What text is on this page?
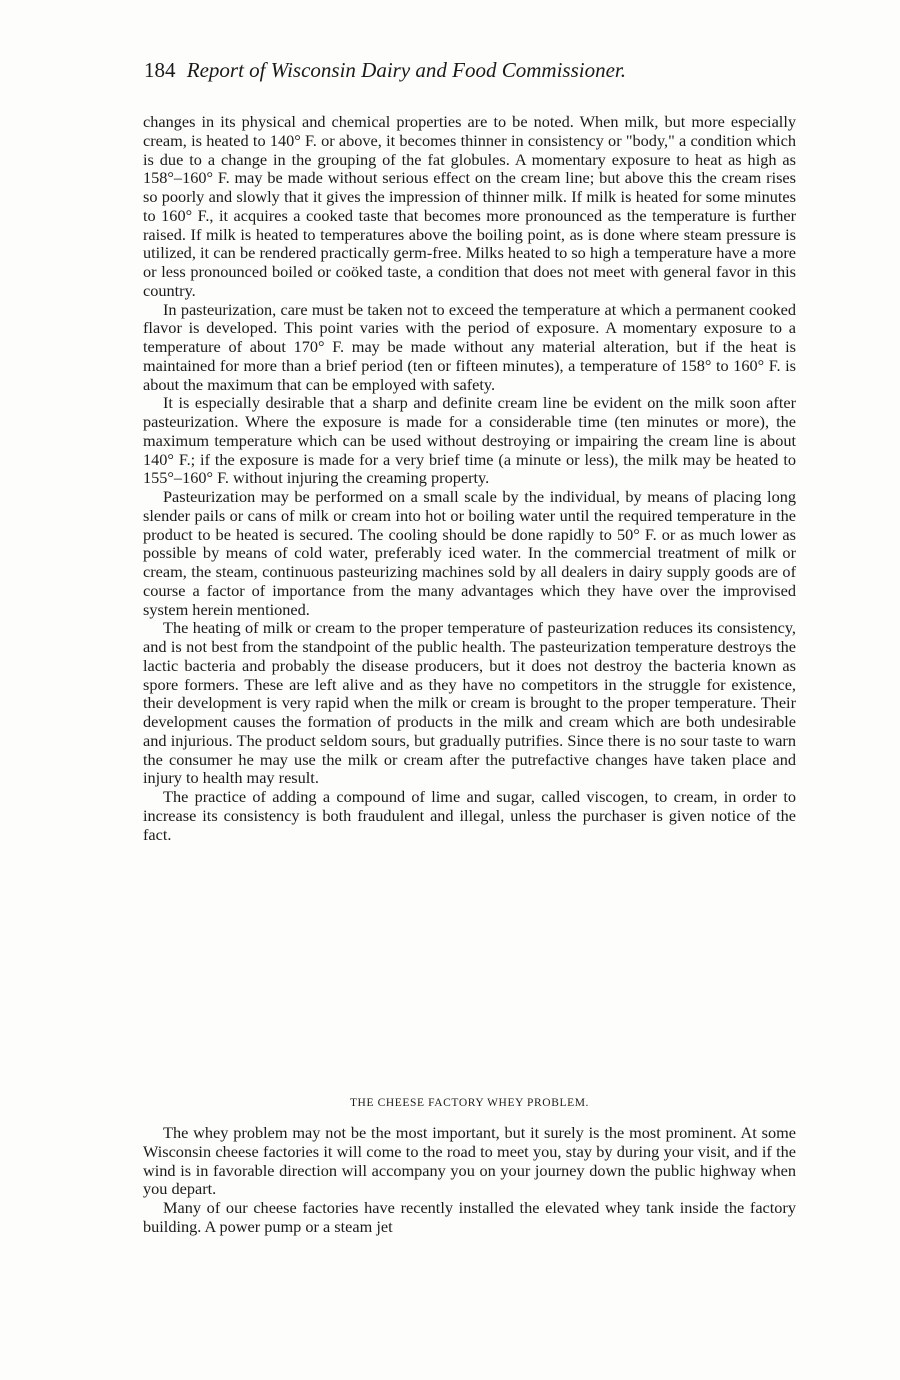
184 Report of Wisconsin Dairy and Food Commissioner.

changes in its physical and chemical properties are to be noted. When milk, but more especially cream, is heated to 140° F. or above, it becomes thinner in consistency or "body," a condition which is due to a change in the grouping of the fat globules. A momentary exposure to heat as high as 158°–160° F. may be made without serious effect on the cream line; but above this the cream rises so poorly and slowly that it gives the impression of thinner milk. If milk is heated for some minutes to 160° F., it acquires a cooked taste that becomes more pronounced as the temperature is further raised. If milk is heated to temperatures above the boiling point, as is done where steam pressure is utilized, it can be rendered practically germ-free. Milks heated to so high a temperature have a more or less pronounced boiled or coöked taste, a condition that does not meet with general favor in this country.

In pasteurization, care must be taken not to exceed the temperature at which a permanent cooked flavor is developed. This point varies with the period of exposure. A momentary exposure to a temperature of about 170° F. may be made without any material alteration, but if the heat is maintained for more than a brief period (ten or fifteen minutes), a temperature of 158° to 160° F. is about the maximum that can be employed with safety.

It is especially desirable that a sharp and definite cream line be evident on the milk soon after pasteurization. Where the exposure is made for a considerable time (ten minutes or more), the maximum temperature which can be used without destroying or impairing the cream line is about 140° F.; if the exposure is made for a very brief time (a minute or less), the milk may be heated to 155°–160° F. without injuring the creaming property.

Pasteurization may be performed on a small scale by the individual, by means of placing long slender pails or cans of milk or cream into hot or boiling water until the required temperature in the product to be heated is secured. The cooling should be done rapidly to 50° F. or as much lower as possible by means of cold water, preferably iced water. In the commercial treatment of milk or cream, the steam, continuous pasteurizing machines sold by all dealers in dairy supply goods are of course a factor of importance from the many advantages which they have over the improvised system herein mentioned.

The heating of milk or cream to the proper temperature of pasteurization reduces its consistency, and is not best from the standpoint of the public health. The pasteurization temperature destroys the lactic bacteria and probably the disease producers, but it does not destroy the bacteria known as spore formers. These are left alive and as they have no competitors in the struggle for existence, their development is very rapid when the milk or cream is brought to the proper temperature. Their development causes the formation of products in the milk and cream which are both undesirable and injurious. The product seldom sours, but gradually putrifies. Since there is no sour taste to warn the consumer he may use the milk or cream after the putrefactive changes have taken place and injury to health may result.

The practice of adding a compound of lime and sugar, called viscogen, to cream, in order to increase its consistency is both fraudulent and illegal, unless the purchaser is given notice of the fact.

THE CHEESE FACTORY WHEY PROBLEM.

The whey problem may not be the most important, but it surely is the most prominent. At some Wisconsin cheese factories it will come to the road to meet you, stay by during your visit, and if the wind is in favorable direction will accompany you on your journey down the public highway when you depart.

Many of our cheese factories have recently installed the elevated whey tank inside the factory building. A power pump or a steam jet
